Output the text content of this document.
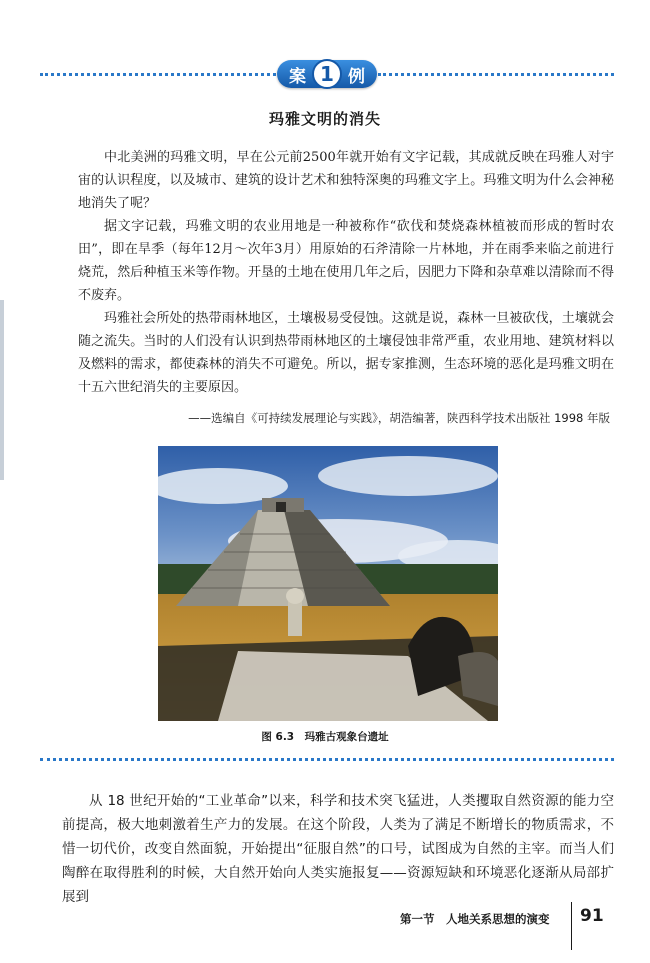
案 1 例
玛雅文明的消失

中北美洲的玛雅文明，早在公元前2500年就开始有文字记载，其成就反映在玛雅人对宇宙的认识程度，以及城市、建筑的设计艺术和独特深奥的玛雅文字上。玛雅文明为什么会神秘地消失了呢？

据文字记载，玛雅文明的农业用地是一种被称作“砍伐和焚烧森林植被而形成的暂时农田”，即在旱季（每年12月～次年3月）用原始的石斧清除一片林地，并在雨季来临之前进行烧荒，然后种植玉米等作物。开垦的土地在使用几年之后，因肥力下降和杂草难以清除而不得不废弃。

玛雅社会所处的热带雨林地区，土壤极易受侵蚀。这就是说，森林一旦被砍伐，土壤就会随之流失。当时的人们没有认识到热带雨林地区的土壤侵蚀非常严重，农业用地、建筑材料以及燃料的需求，都使森林的消失不可避免。所以，据专家推测，生态环境的恶化是玛雅文明在十五六世纪消失的主要原因。

——选编自《可持续发展理论与实践》，胡浩编著，陕西科学技术出版社 1998 年版
图 6.3　玛雅古观象台遗址

从 18 世纪开始的“工业革命”以来，科学和技术突飞猛进，人类攫取自然资源的能力空前提高，极大地刺激着生产力的发展。在这个阶段，人类为了满足不断增长的物质需求，不惜一切代价，改变自然面貌，开始提出“征服自然”的口号，试图成为自然的主宰。而当人们陶醉在取得胜利的时候，大自然开始向人类实施报复——资源短缺和环境恶化逐渐从局部扩展到

第一节　人地关系思想的演变 91
